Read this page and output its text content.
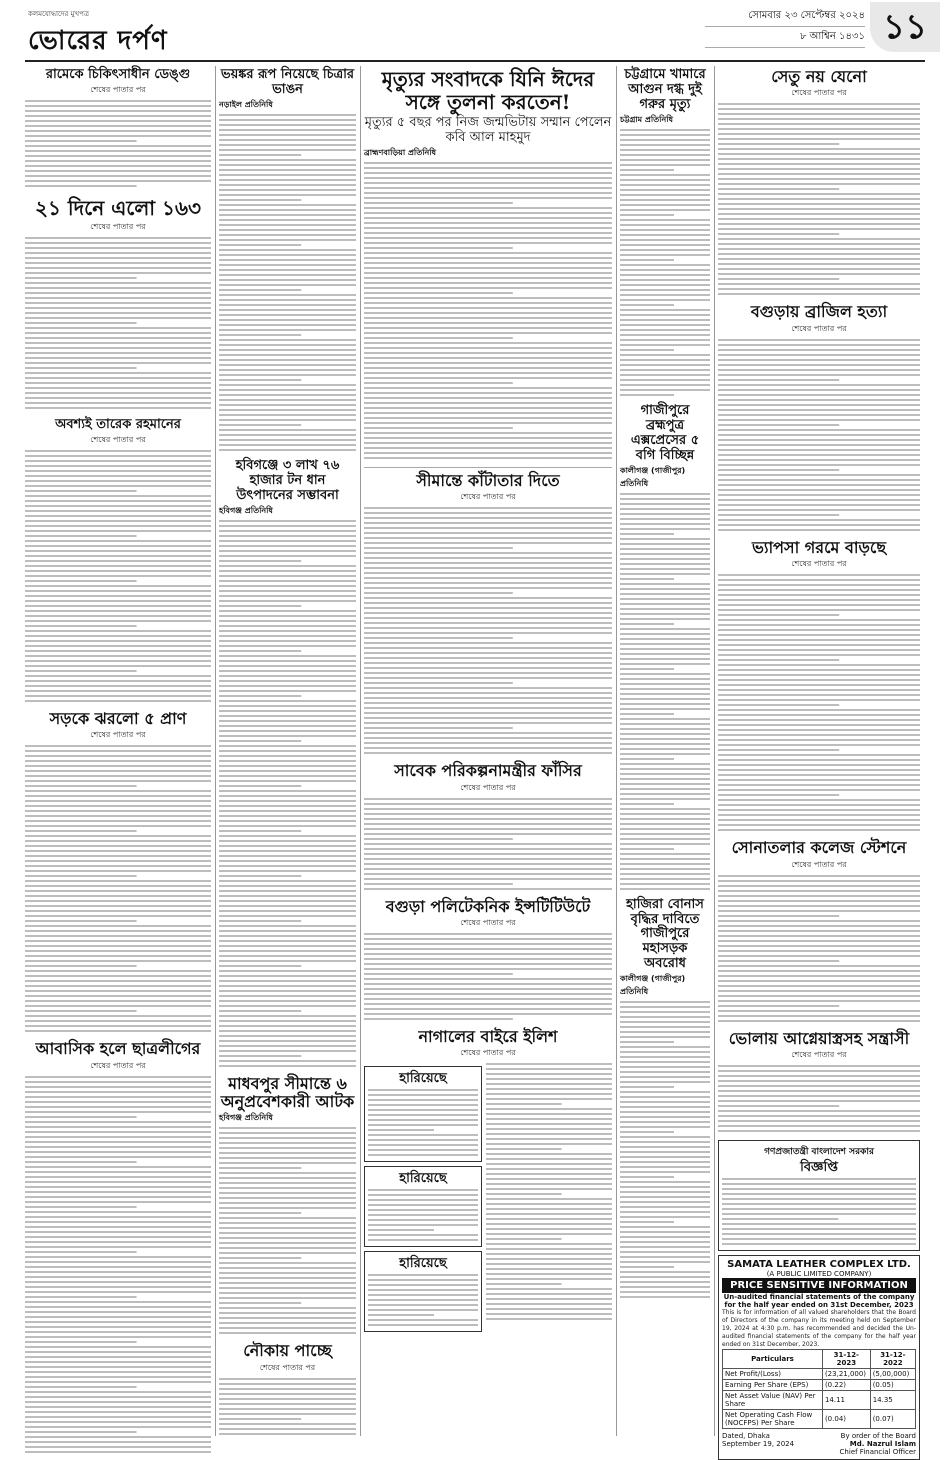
কলমযোদ্ধাদের মুখপত্র
ভোরের দর্পণ
সোমবার ২৩ সেপ্টেম্বর ২০২৪
৮ আশ্বিন ১৪৩১ ১১
রামেকে চিকিৎসাধীন ডেঙ্গু
শেষের পাতার পর
২১ দিনে এলো ১৬৩
শেষের পাতার পর
অবশ্যই তারেক রহমানের
শেষের পাতার পর
সড়কে ঝরলো ৫ প্রাণ
শেষের পাতার পর
আবাসিক হলে ছাত্রলীগের
শেষের পাতার পর
ভয়ঙ্কর রূপ নিয়েছে চিত্রার ভাঙন
নড়াইল প্রতিনিধি
হবিগঞ্জে ৩ লাখ ৭৬ হাজার টন ধান উৎপাদনের সম্ভাবনা
হবিগঞ্জ প্রতিনিধি
মাধবপুর সীমান্তে ৬ অনুপ্রবেশকারী আটক
হবিগঞ্জ প্রতিনিধি
নৌকায় পাচ্ছে
শেষের পাতার পর
মৃত্যুর সংবাদকে যিনি ঈদের সঙ্গে তুলনা করতেন!
মৃত্যুর ৫ বছর পর নিজ জন্মভিটায় সম্মান পেলেন কবি আল মাহমুদ
ব্রাহ্মণবাড়িয়া প্রতিনিধি
সীমান্তে কাঁটাতার দিতে
শেষের পাতার পর
সাবেক পরিকল্পনামন্ত্রীর ফাঁসির
শেষের পাতার পর
বগুড়া পলিটেকনিক ইন্সটিটিউটে
শেষের পাতার পর
নাগালের বাইরে ইলিশ
শেষের পাতার পর
হারিয়েছে
হারিয়েছে
হারিয়েছে
চট্টগ্রামে খামারে আগুন দগ্ধ দুই গরুর মৃত্যু
চট্টগ্রাম প্রতিনিধি
গাজীপুরে ব্রহ্মপুত্র এক্সপ্রেসের ৫ বগি বিচ্ছিন্ন
কালীগঞ্জ (গাজীপুর) প্রতিনিধি
হাজিরা বোনাস বৃদ্ধির দাবিতে গাজীপুরে মহাসড়ক অবরোধ
কালীগঞ্জ (গাজীপুর) প্রতিনিধি
সেতু নয় যেনো
শেষের পাতার পর
বগুড়ায় ব্রাজিল হত্যা
শেষের পাতার পর
ভ্যাপসা গরমে বাড়ছে
শেষের পাতার পর
সোনাতলার কলেজ স্টেশনে
শেষের পাতার পর
ভোলায় আগ্নেয়াস্ত্রসহ সন্ত্রাসী
শেষের পাতার পর
গণপ্রজাতন্ত্রী বাংলাদেশ সরকার
বিজ্ঞপ্তি
SAMATA LEATHER COMPLEX LTD.
(A PUBLIC LIMITED COMPANY)
PRICE SENSITIVE INFORMATION
Un-audited financial statements of the company for the half year ended on 31st December, 2023
This is for information of all valued shareholders that the Board of Directors of the company in its meeting held on September 19, 2024 at 4:30 p.m. has recommended and decided the Un-audited financial statements of the company for the half year ended on 31st December, 2023.
Particulars	31-12-2023	31-12-2022
Net Profit/(Loss)	(23,21,000)	(5,00,000)
Earning Per Share (EPS)	(0.22)	(0.05)
Net Asset Value (NAV) Per Share	14.11	14.35
Net Operating Cash Flow (NOCFPS) Per Share	(0.04)	(0.07)
Dated, Dhaka
September 19, 2024
By order of the Board
Md. Nazrul Islam
Chief Financial Officer
